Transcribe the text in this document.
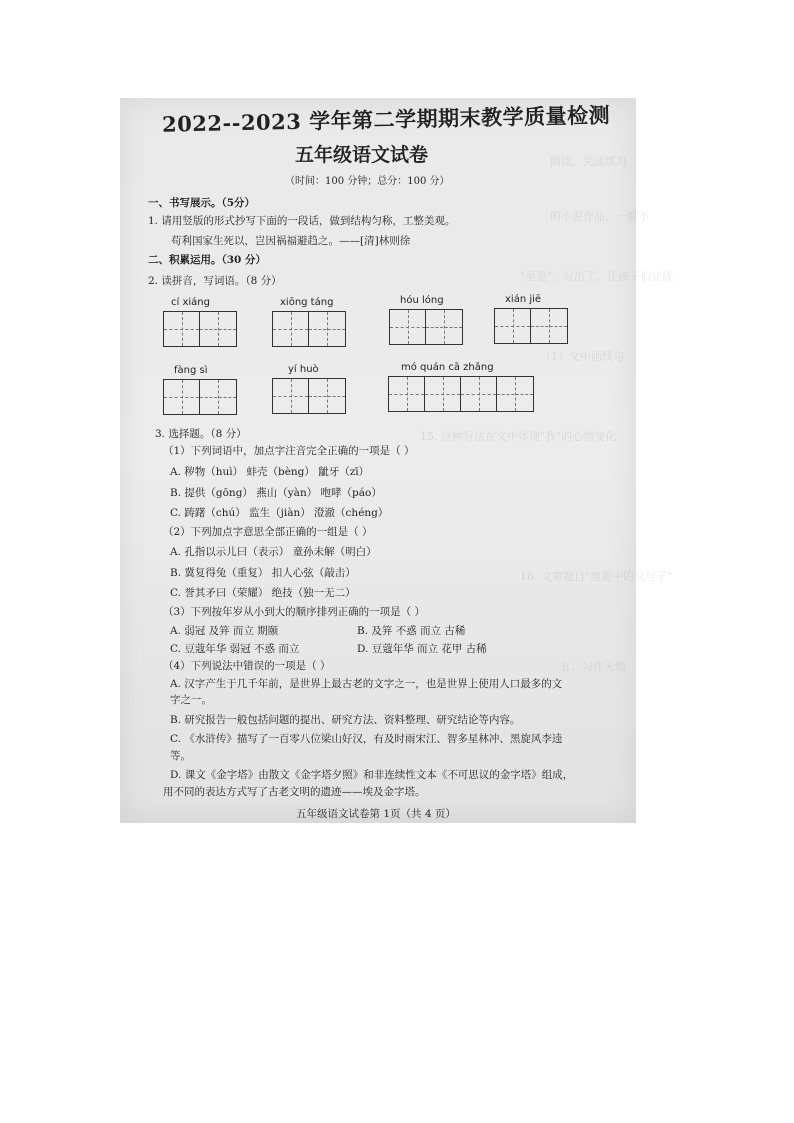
阅读，完成练习
的小说作品，一般不
"至是"，写出了，让孩子们完成
（1）文中画线句
15. 这种写法在文中体现"我"的心情变化
16. 文章题目"地震中的父与子"
五、习作天地
2022--2023 学年第二学期期末教学质量检测
五年级语文试卷
（时间：100 分钟；总分：100 分）
一、书写展示。（5分）
1. 请用竖版的形式抄写下面的一段话，做到结构匀称，工整美观。
苟利国家生死以，岂因祸福避趋之。——[清]林则徐
二、积累运用。（30 分）
2. 读拼音，写词语。（8 分）
cí xiáng	xiōng táng	hóu lóng	xián jiē
fàng sì	yí huò	mó quán cā zhǎng
3. 选择题。（8 分）
（1）下列词语中，加点字注音完全正确的一项是（ ）
A. 秽物（huì） 蚌壳（bèng） 龇牙（zī）
B. 提供（gōng） 燕山（yàn） 咆哮（páo）
C. 踌躇（chú） 监生（jiàn） 澄澈（chéng）
（2）下列加点字意思全部正确的一组是（ ）
A. 孔指以示儿曰（表示） 童孙未解（明白）
B. 冀复得兔（重复） 扣人心弦（敲击）
C. 誉其矛曰（荣耀） 绝技（独一无二）
（3）下列按年岁从小到大的顺序排列正确的一项是（ ）
A. 弱冠 及笄 而立 期颐	B. 及笄 不惑 而立 古稀
C. 豆蔻年华 弱冠 不惑 而立	D. 豆蔻年华 而立 花甲 古稀
（4）下列说法中错误的一项是（ ）
A. 汉字产生于几千年前，是世界上最古老的文字之一，也是世界上使用人口最多的文
字之一。
B. 研究报告一般包括问题的提出、研究方法、资料整理、研究结论等内容。
C. 《水浒传》描写了一百零八位梁山好汉，有及时雨宋江、智多星林冲、黑旋风李逵
等。
D. 课文《金字塔》由散文《金字塔夕照》和非连续性文本《不可思议的金字塔》组成，
用不同的表达方式写了古老文明的遗迹——埃及金字塔。
五年级语文试卷第 1页（共 4 页）
